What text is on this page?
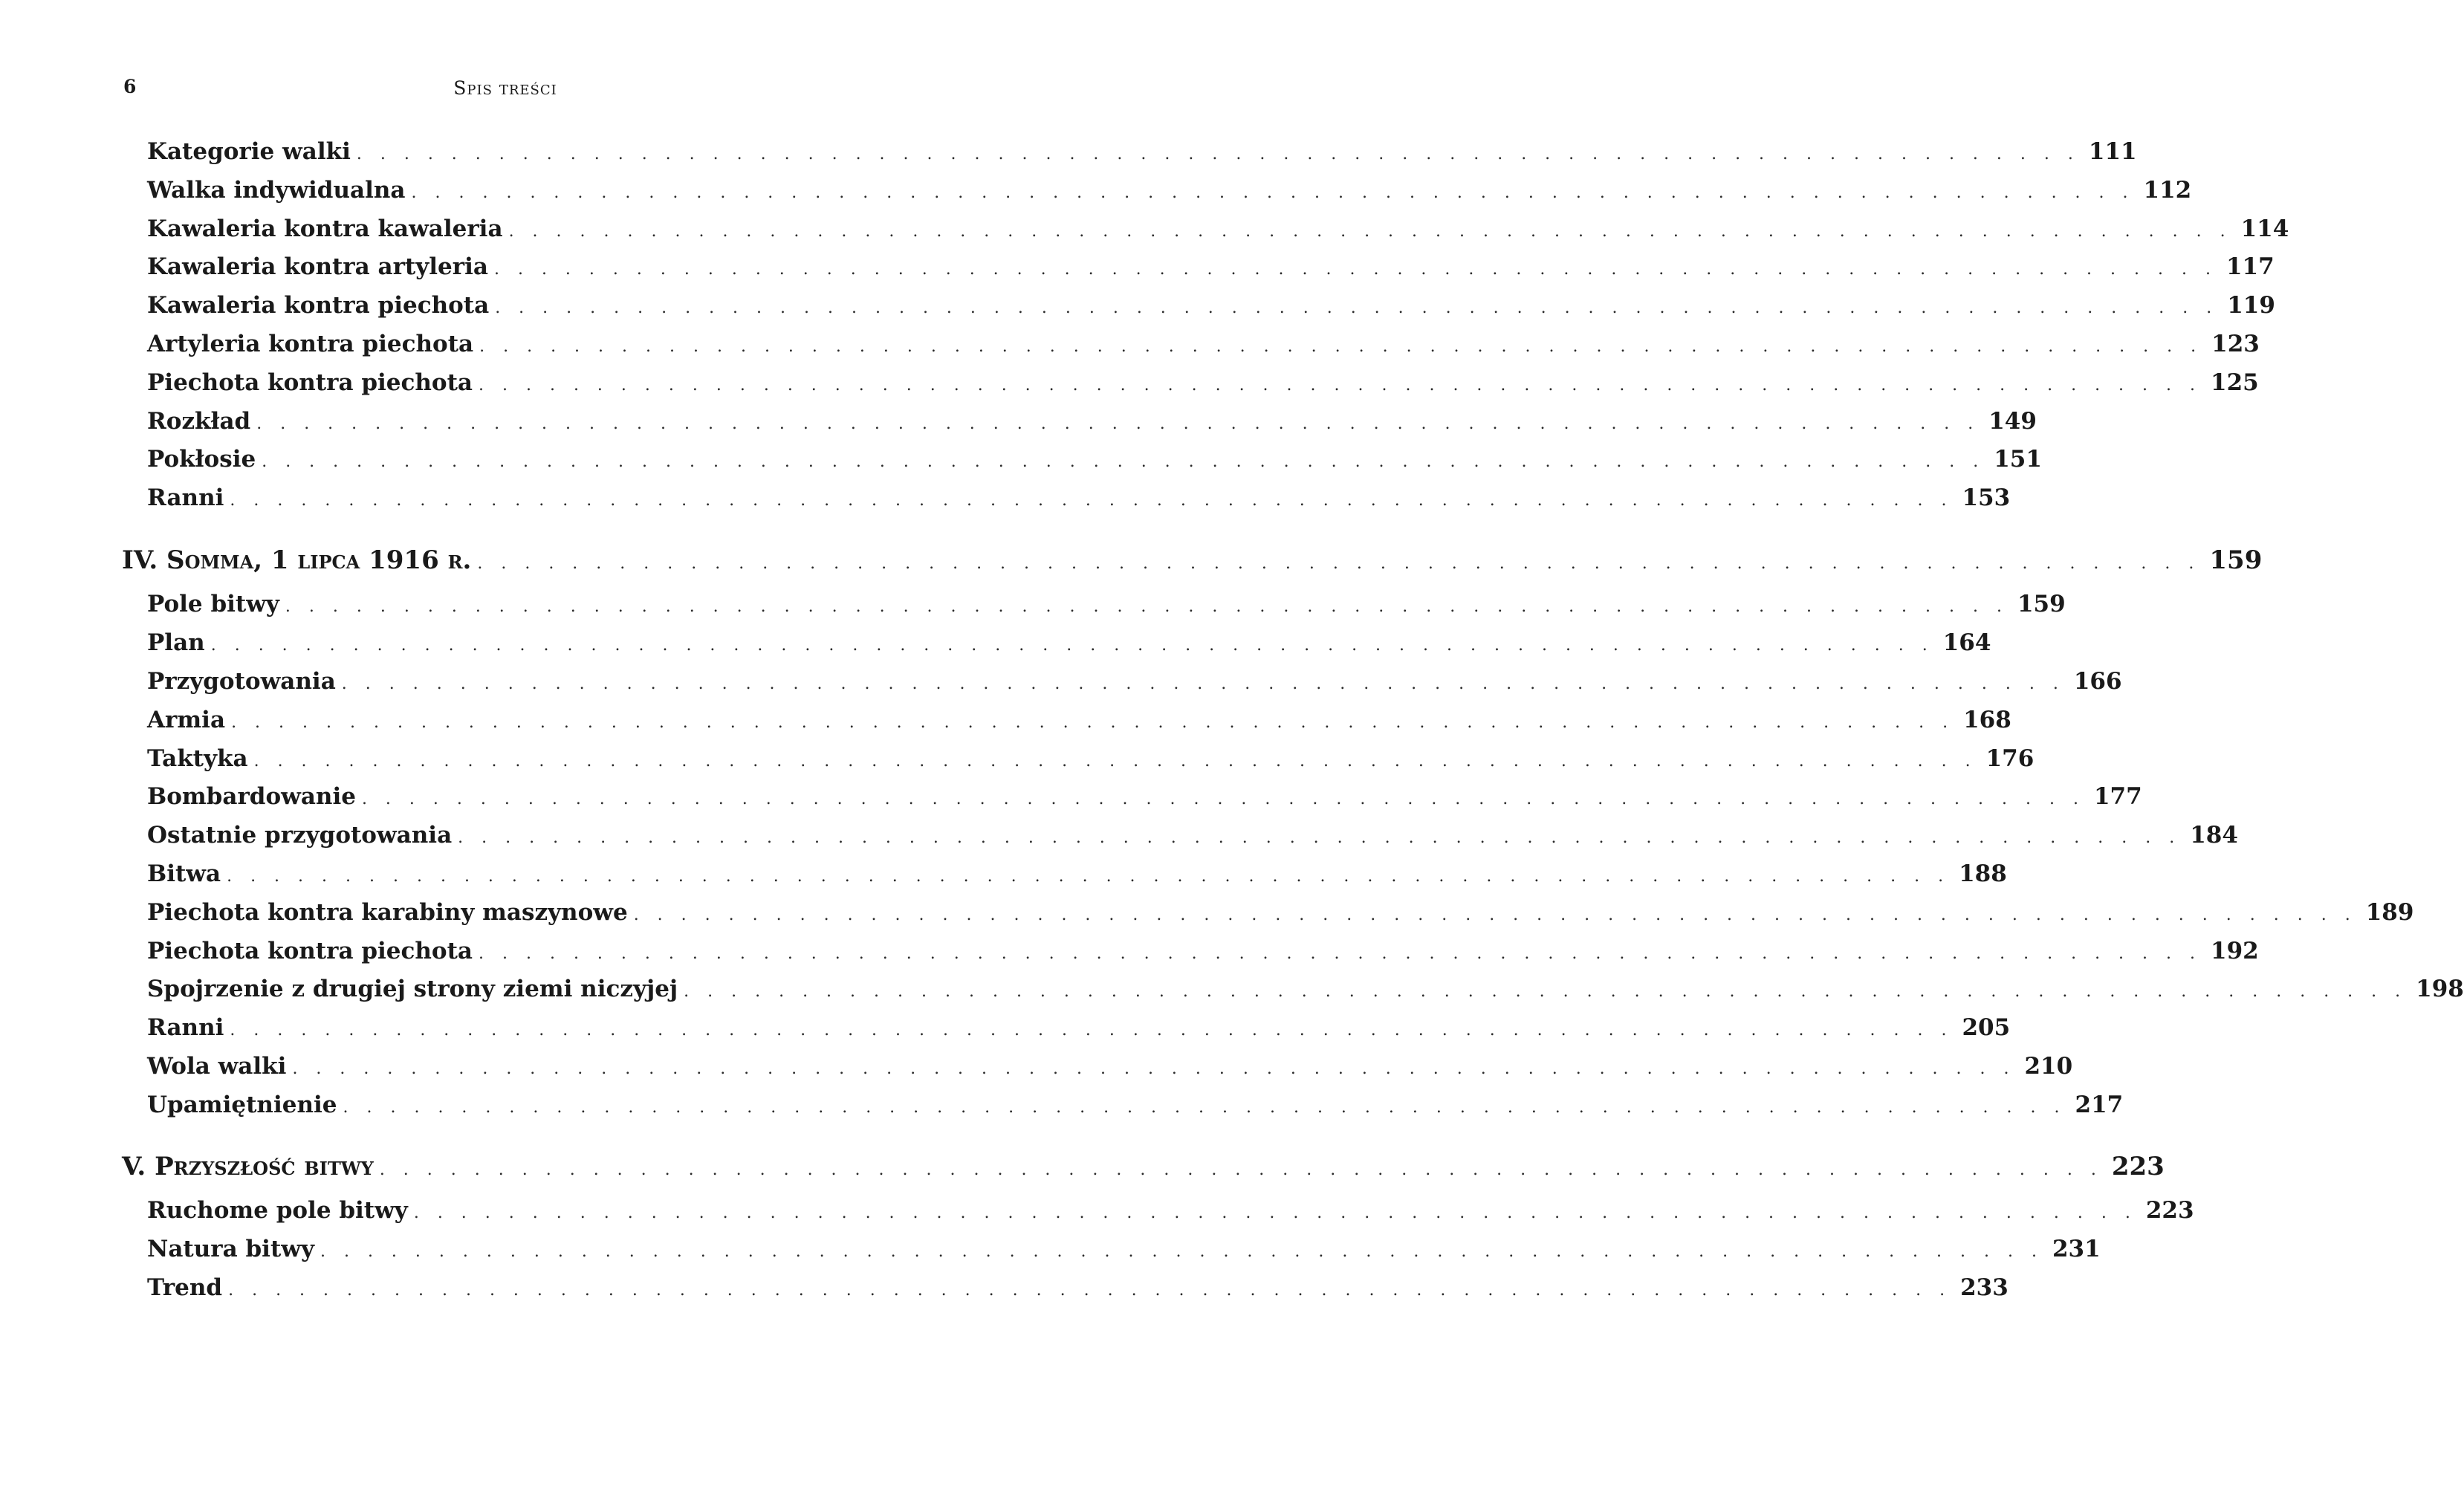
6	Spis treści
Kategorie walki . . . . . . . . . . . . . . . . . . . . . . . . . . . . . . . . . . . . . . . . . . . . . . . . . . . . . . . . . . . . . . . . . . . . . . . . . 111
Walka indywidualna . . . . . . . . . . . . . . . . . . . . . . . . . . . . . . . . . . . . . . . . . . . . . . . . . . . . . . . . . . . . . . . . . . . . . . . . . 112
Kawaleria kontra kawaleria . . . . . . . . . . . . . . . . . . . . . . . . . . . . . . . . . . . . . . . . . . . . . . . . . . . . . . . . . . . . . . . . . . . . . . . . . 114
Kawaleria kontra artyleria . . . . . . . . . . . . . . . . . . . . . . . . . . . . . . . . . . . . . . . . . . . . . . . . . . . . . . . . . . . . . . . . . . . . . . . . . 117
Kawaleria kontra piechota . . . . . . . . . . . . . . . . . . . . . . . . . . . . . . . . . . . . . . . . . . . . . . . . . . . . . . . . . . . . . . . . . . . . . . . . . 119
Artyleria kontra piechota . . . . . . . . . . . . . . . . . . . . . . . . . . . . . . . . . . . . . . . . . . . . . . . . . . . . . . . . . . . . . . . . . . . . . . . . . 123
Piechota kontra piechota . . . . . . . . . . . . . . . . . . . . . . . . . . . . . . . . . . . . . . . . . . . . . . . . . . . . . . . . . . . . . . . . . . . . . . . . . 125
Rozkład . . . . . . . . . . . . . . . . . . . . . . . . . . . . . . . . . . . . . . . . . . . . . . . . . . . . . . . . . . . . . . . . . . . . . . . . . 149
Pokłosie . . . . . . . . . . . . . . . . . . . . . . . . . . . . . . . . . . . . . . . . . . . . . . . . . . . . . . . . . . . . . . . . . . . . . . . . . 151
Ranni . . . . . . . . . . . . . . . . . . . . . . . . . . . . . . . . . . . . . . . . . . . . . . . . . . . . . . . . . . . . . . . . . . . . . . . . . 153
IV. Somma, 1 lipca 1916 r. . . . . . . . . . . . . . . . . . . . . . . . . . . . . . . . . . . . . . . . . . . . . . . . . . . . . . . . . . . . . . . . . . . . . . . . . . 159
Pole bitwy . . . . . . . . . . . . . . . . . . . . . . . . . . . . . . . . . . . . . . . . . . . . . . . . . . . . . . . . . . . . . . . . . . . . . . . . . 159
Plan . . . . . . . . . . . . . . . . . . . . . . . . . . . . . . . . . . . . . . . . . . . . . . . . . . . . . . . . . . . . . . . . . . . . . . . . . 164
Przygotowania . . . . . . . . . . . . . . . . . . . . . . . . . . . . . . . . . . . . . . . . . . . . . . . . . . . . . . . . . . . . . . . . . . . . . . . . . 166
Armia . . . . . . . . . . . . . . . . . . . . . . . . . . . . . . . . . . . . . . . . . . . . . . . . . . . . . . . . . . . . . . . . . . . . . . . . . 168
Taktyka . . . . . . . . . . . . . . . . . . . . . . . . . . . . . . . . . . . . . . . . . . . . . . . . . . . . . . . . . . . . . . . . . . . . . . . . . 176
Bombardowanie . . . . . . . . . . . . . . . . . . . . . . . . . . . . . . . . . . . . . . . . . . . . . . . . . . . . . . . . . . . . . . . . . . . . . . . . . 177
Ostatnie przygotowania . . . . . . . . . . . . . . . . . . . . . . . . . . . . . . . . . . . . . . . . . . . . . . . . . . . . . . . . . . . . . . . . . . . . . . . . . 184
Bitwa . . . . . . . . . . . . . . . . . . . . . . . . . . . . . . . . . . . . . . . . . . . . . . . . . . . . . . . . . . . . . . . . . . . . . . . . . 188
Piechota kontra karabiny maszynowe . . . . . . . . . . . . . . . . . . . . . . . . . . . . . . . . . . . . . . . . . . . . . . . . . . . . . . . . . . . . . . . . . . . . . . . . . 189
Piechota kontra piechota . . . . . . . . . . . . . . . . . . . . . . . . . . . . . . . . . . . . . . . . . . . . . . . . . . . . . . . . . . . . . . . . . . . . . . . . . 192
Spojrzenie z drugiej strony ziemi niczyjej . . . . . . . . . . . . . . . . . . . . . . . . . . . . . . . . . . . . . . . . . . . . . . . . . . . . . . . . . . . . . . . . . . . . . . . . . 198
Ranni . . . . . . . . . . . . . . . . . . . . . . . . . . . . . . . . . . . . . . . . . . . . . . . . . . . . . . . . . . . . . . . . . . . . . . . . . 205
Wola walki . . . . . . . . . . . . . . . . . . . . . . . . . . . . . . . . . . . . . . . . . . . . . . . . . . . . . . . . . . . . . . . . . . . . . . . . . 210
Upamiętnienie . . . . . . . . . . . . . . . . . . . . . . . . . . . . . . . . . . . . . . . . . . . . . . . . . . . . . . . . . . . . . . . . . . . . . . . . . 217
V. Przyszłość bitwy . . . . . . . . . . . . . . . . . . . . . . . . . . . . . . . . . . . . . . . . . . . . . . . . . . . . . . . . . . . . . . . . . . . . . . . . . 223
Ruchome pole bitwy . . . . . . . . . . . . . . . . . . . . . . . . . . . . . . . . . . . . . . . . . . . . . . . . . . . . . . . . . . . . . . . . . . . . . . . . . 223
Natura bitwy . . . . . . . . . . . . . . . . . . . . . . . . . . . . . . . . . . . . . . . . . . . . . . . . . . . . . . . . . . . . . . . . . . . . . . . . . 231
Trend . . . . . . . . . . . . . . . . . . . . . . . . . . . . . . . . . . . . . . . . . . . . . . . . . . . . . . . . . . . . . . . . . . . . . . . . . 233
